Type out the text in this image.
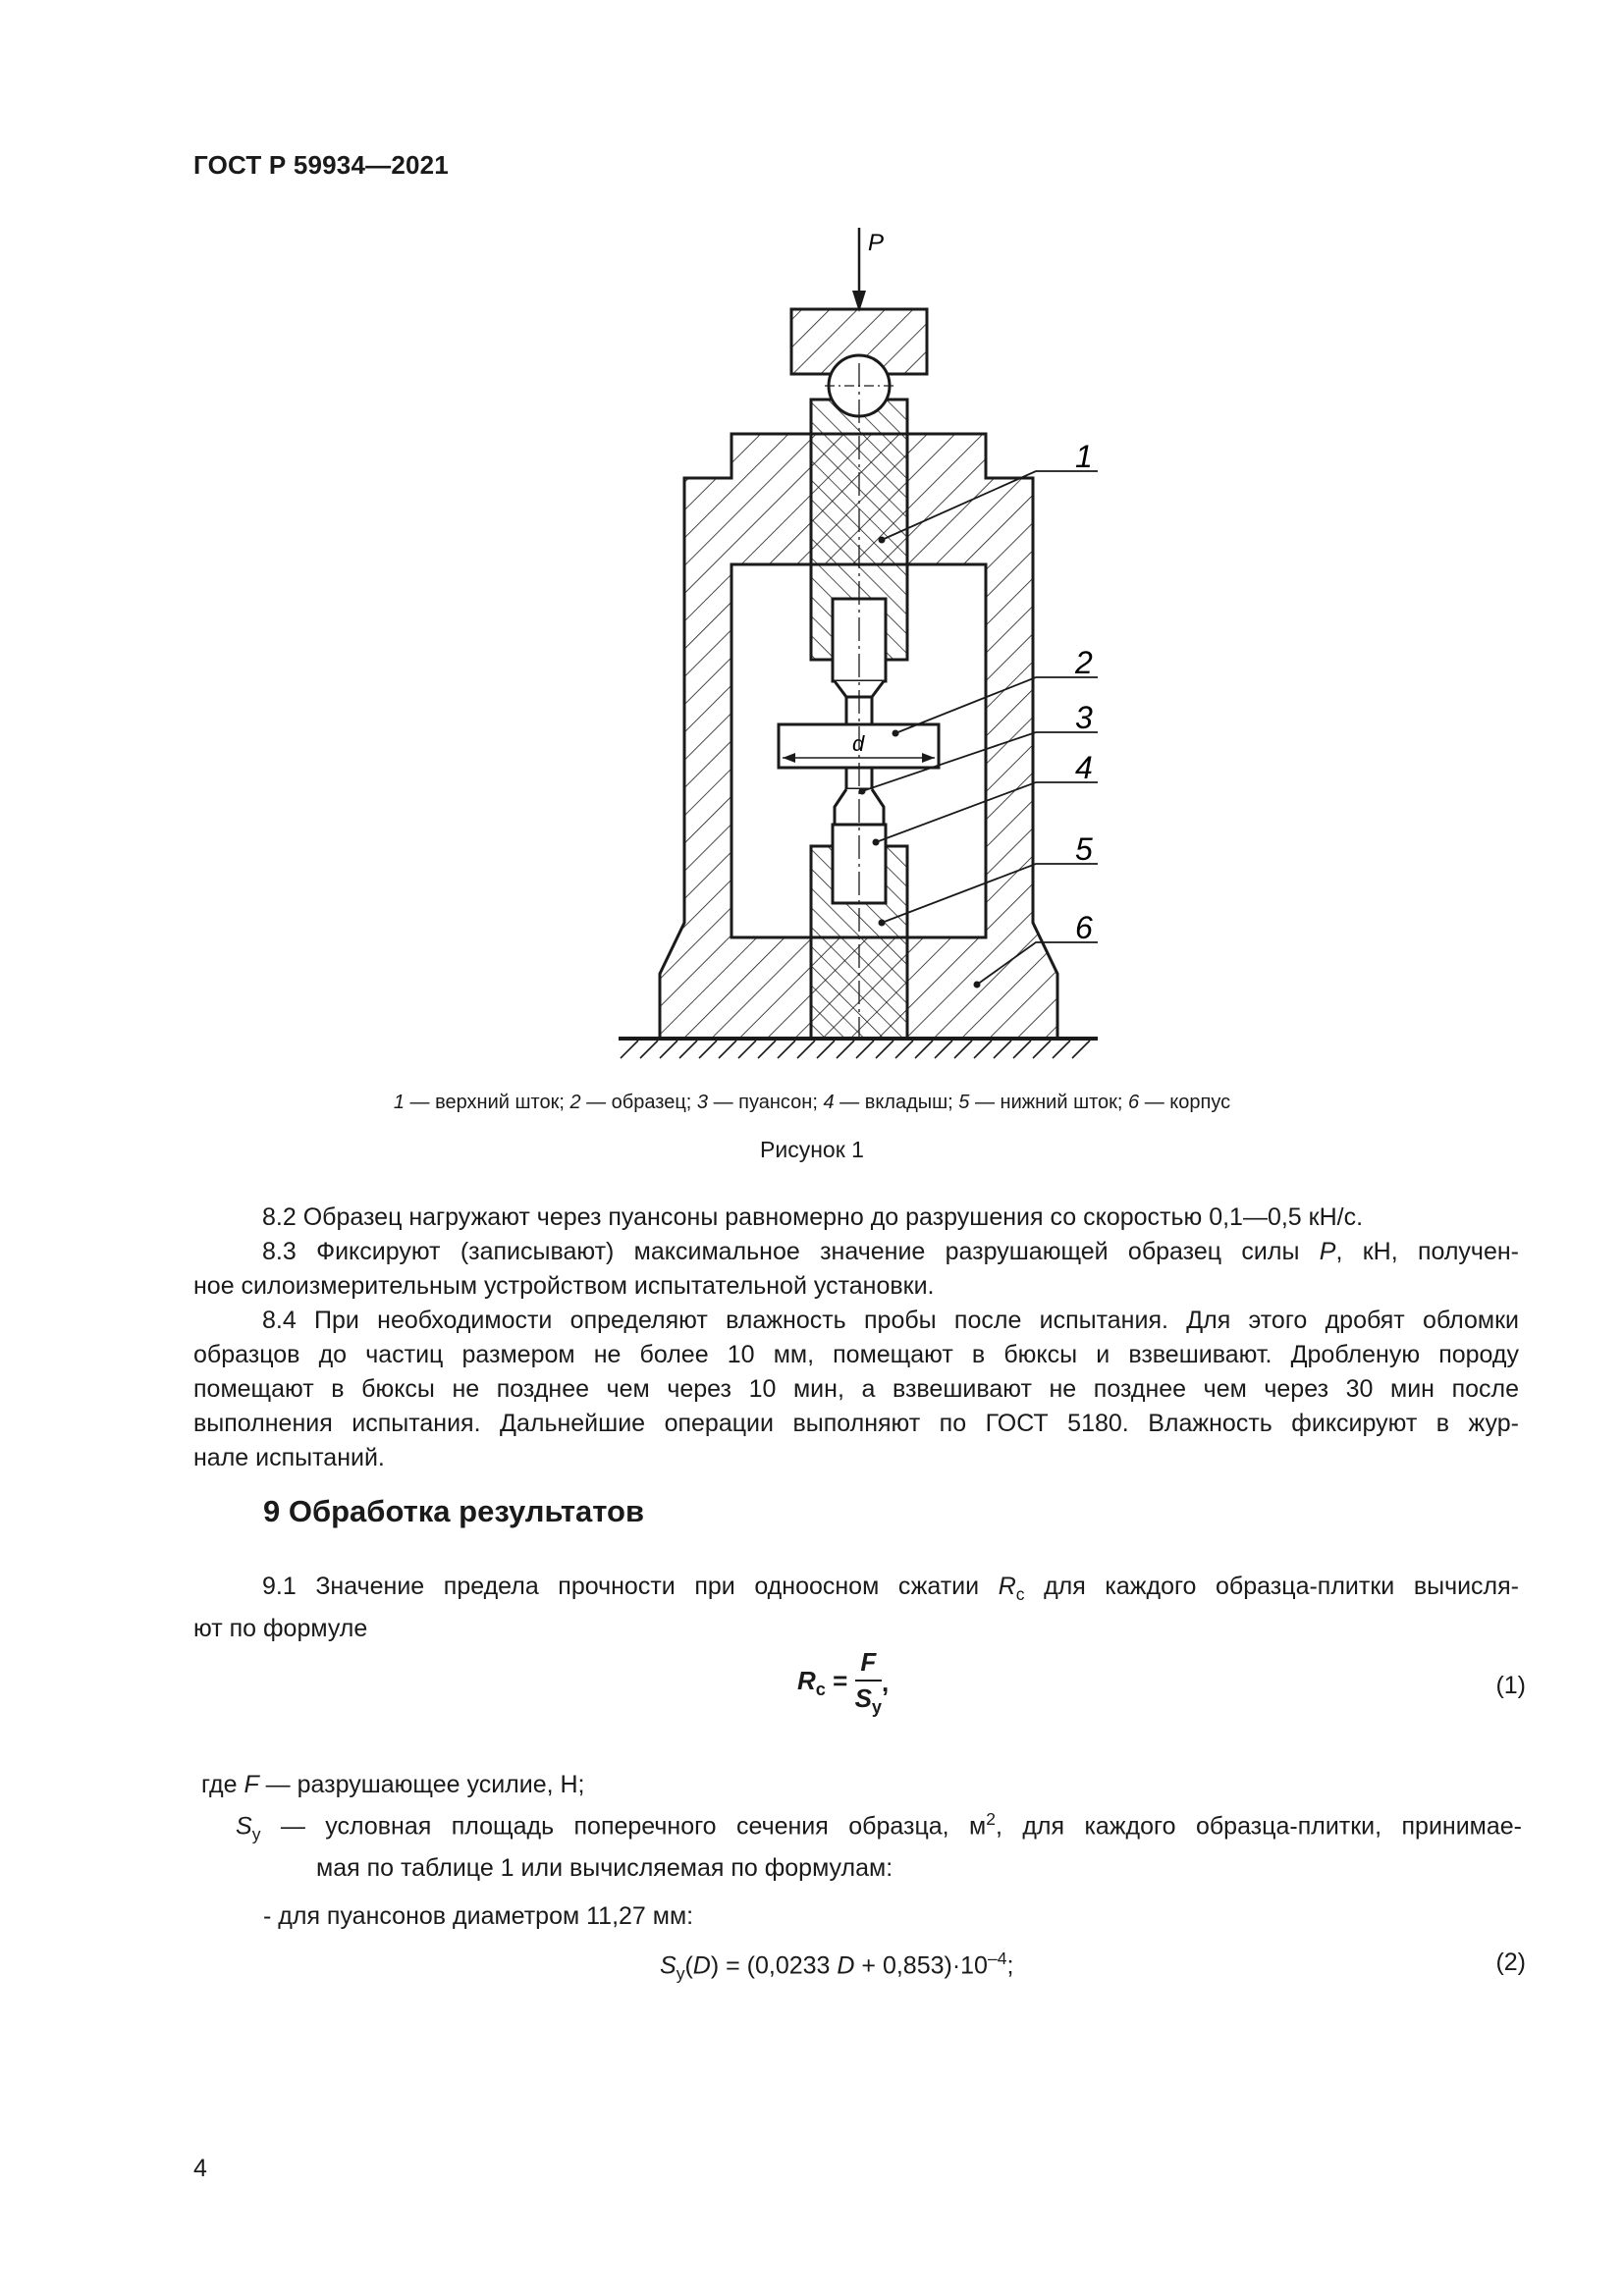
ГОСТ Р 59934—2021
d
P
1
2
3
4
5
6
1 — верхний шток; 2 — образец; 3 — пуансон; 4 — вкладыш; 5 — нижний шток; 6 — корпус
Рисунок 1
8.2 Образец нагружают через пуансоны равномерно до разрушения со скоростью 0,1—0,5 кН/с.
8.3 Фиксируют (записывают) максимальное значение разрушающей образец силы P, кН, получен-
ное силоизмерительным устройством испытательной установки.
8.4 При необходимости определяют влажность пробы после испытания. Для этого дробят обломки
образцов до частиц размером не более 10 мм, помещают в бюксы и взвешивают. Дробленую породу
помещают в бюксы не позднее чем через 10 мин, а взвешивают не позднее чем через 30 мин после
выполнения испытания. Дальнейшие операции выполняют по ГОСТ 5180. Влажность фиксируют в жур-
нале испытаний.
9 Обработка результатов
9.1 Значение предела прочности при одноосном сжатии $R_c$ для каждого образца-плитки вычисля-
ют по формуле
$R_c = \frac{F}{S_y}$ ,	(1)
где F — разрушающее усилие, Н;
$S_y$ — условная площадь поперечного сечения образца, $м^2$, для каждого образца-плитки, принимае-
мая по таблице 1 или вычисляемая по формулам:
- для пуансонов диаметром 11,27 мм:
$S_y(D) = (0,0233$ $D + 0,853)\cdot 10^{-4}$;	(2)
4
